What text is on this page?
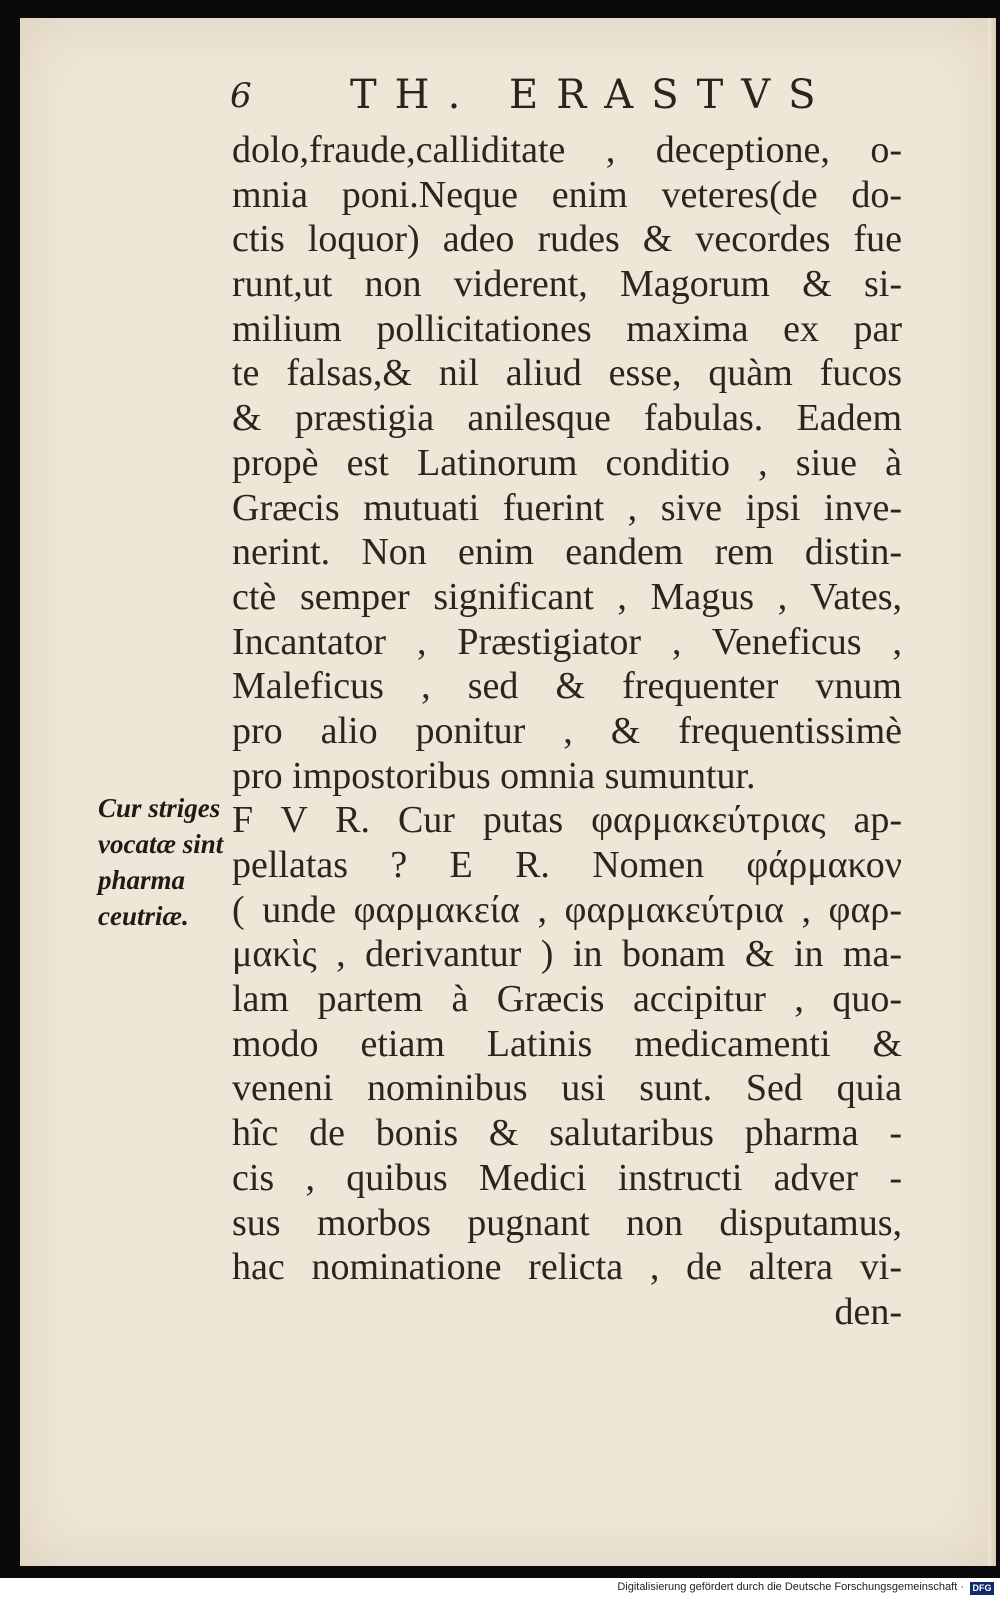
6 TH. ERASTVS
dolo,fraude,calliditate , deceptione, o-
mnia poni.Neque enim veteres(de do-
ctis loquor) adeo rudes & vecordes fue
runt,ut non viderent, Magorum & si-
milium pollicitationes maxima ex par
te falsas,& nil aliud esse, quàm fucos
& præstigia anilesque fabulas. Eadem
propè est Latinorum conditio , siue à
Græcis mutuati fuerint , sive ipsi inve-
nerint. Non enim eandem rem distin-
ctè semper significant , Magus , Vates,
Incantator , Præstigiator , Veneficus ,
Maleficus , sed & frequenter vnum
pro alio ponitur , & frequentissimè
pro impostoribus omnia sumuntur.
F V R. Cur putas φαρμακεύτριας ap-
pellatas ? E R. Nomen φάρμακον
( unde φαρμακεία , φαρμακεύτρια , φαρ-
μακὶς , derivantur ) in bonam & in ma-
lam partem à Græcis accipitur , quo-
modo etiam Latinis medicamenti &
veneni nominibus usi sunt. Sed quia
hîc de bonis & salutaribus pharma -
cis , quibus Medici instructi adver -
sus morbos pugnant non disputamus,
hac nominatione relicta , de altera vi-
den-
Cur striges
vocatæ sint
pharma
ceutriæ.
Digitalisierung gefördert durch die Deutsche Forschungsgemeinschaft · DFG
